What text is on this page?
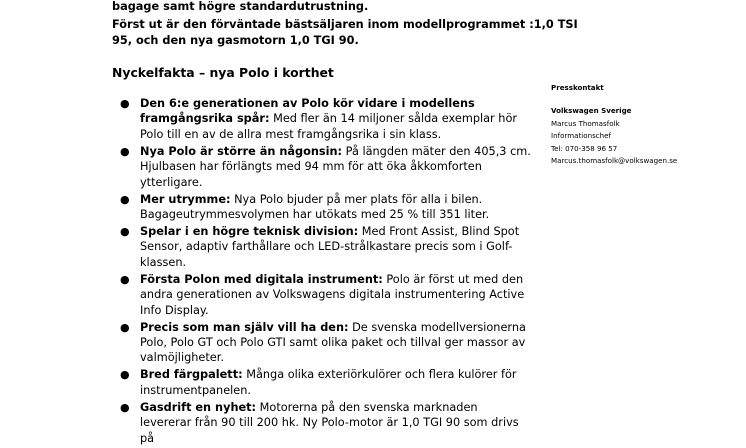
bagage samt högre standardutrustning.
Först ut är den förväntade bästsäljaren inom modellprogrammet :1,0 TSI
95, och den nya gasmotorn 1,0 TGI 90.
Nyckelfakta – nya Polo i korthet
● Den 6:e generationen av Polo kör vidare i modellens framgångsrika spår: Med fler än 14 miljoner sålda exemplar hör Polo till en av de allra mest framgångsrika i sin klass.
● Nya Polo är större än någonsin: På längden mäter den 405,3 cm. Hjulbasen har förlängts med 94 mm för att öka åkkomforten ytterligare.
● Mer utrymme: Nya Polo bjuder på mer plats för alla i bilen. Bagageutrymmesvolymen har utökats med 25 % till 351 liter.
● Spelar i en högre teknisk division: Med Front Assist, Blind Spot Sensor, adaptiv farthållare och LED-strålkastare precis som i Golf-klassen.
● Första Polon med digitala instrument: Polo är först ut med den andra generationen av Volkswagens digitala instrumentering Active Info Display.
● Precis som man själv vill ha den: De svenska modellversionerna Polo, Polo GT och Polo GTI samt olika paket och tillval ger massor av valmöjligheter.
● Bred färgpalett: Många olika exteriörkulörer och flera kulörer för instrumentpanelen.
● Gasdrift en nyhet: Motorerna på den svenska marknaden levererar från 90 till 200 hk. Ny Polo-motor är 1,0 TGI 90 som drivs på
Presskontakt
Volkswagen Sverige
Marcus Thomasfolk
Informationschef
Tel: 070-358 96 57
Marcus.thomasfolk@volkswagen.se
